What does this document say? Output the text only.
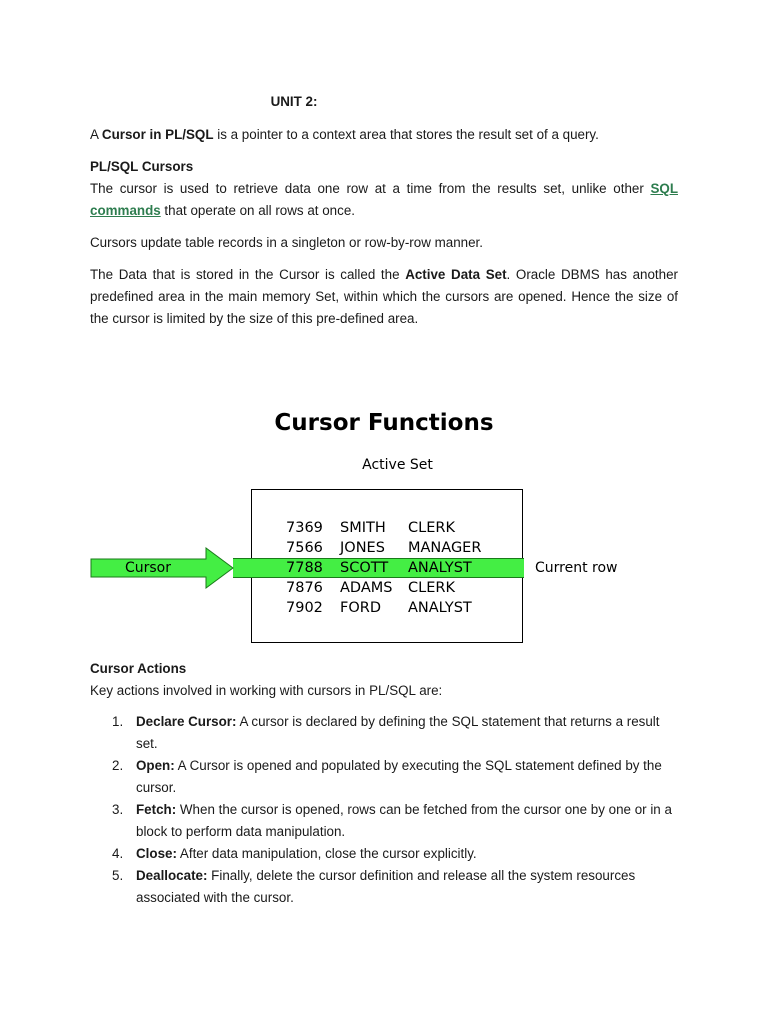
UNIT 2:

A Cursor in PL/SQL is a pointer to a context area that stores the result set of a query.

PL/SQL Cursors

The cursor is used to retrieve data one row at a time from the results set, unlike other SQL commands that operate on all rows at once.

Cursors update table records in a singleton or row-by-row manner.

The Data that is stored in the Cursor is called the Active Data Set. Oracle DBMS has another predefined area in the main memory Set, within which the cursors are opened. Hence the size of the cursor is limited by the size of this pre-defined area.

Cursor Functions
Active Set
7369 SMITH CLERK
7566 JONES MANAGER
7788 SCOTT ANALYST
7876 ADAMS CLERK
7902 FORD ANALYST
Cursor	Current row

Cursor Actions

Key actions involved in working with cursors in PL/SQL are:

1. Declare Cursor: A cursor is declared by defining the SQL statement that returns a result set.
2. Open: A Cursor is opened and populated by executing the SQL statement defined by the cursor.
3. Fetch: When the cursor is opened, rows can be fetched from the cursor one by one or in a block to perform data manipulation.
4. Close: After data manipulation, close the cursor explicitly.
5. Deallocate: Finally, delete the cursor definition and release all the system resources associated with the cursor.
